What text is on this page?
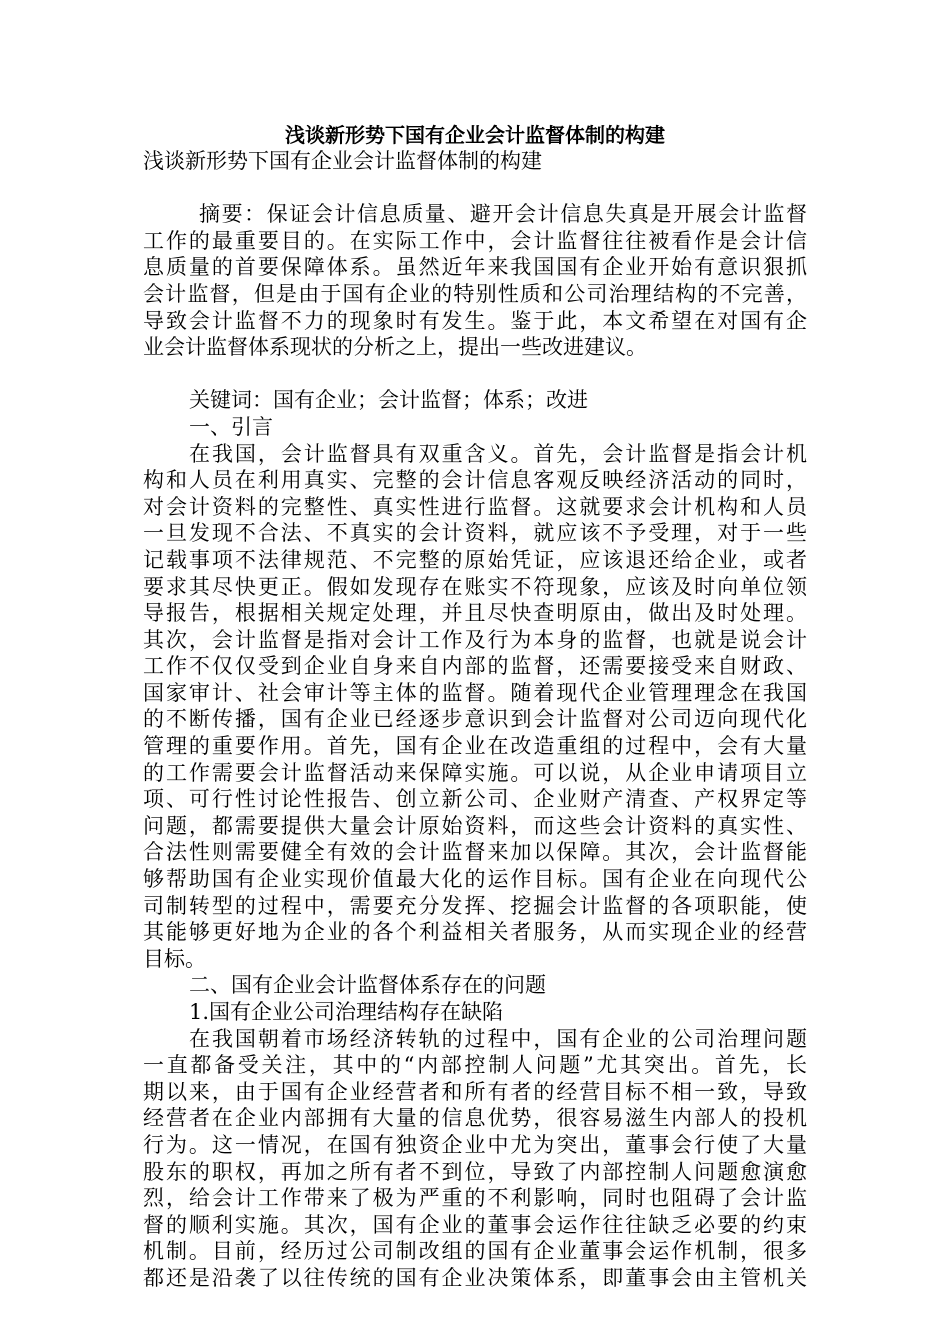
浅谈新形势下国有企业会计监督体制的构建
浅谈新形势下国有企业会计监督体制的构建
摘要：保证会计信息质量、避开会计信息失真是开展会计监督
工作的最重要目的。在实际工作中，会计监督往往被看作是会计信
息质量的首要保障体系。虽然近年来我国国有企业开始有意识狠抓
会计监督，但是由于国有企业的特别性质和公司治理结构的不完善，
导致会计监督不力的现象时有发生。鉴于此，本文希望在对国有企
业会计监督体系现状的分析之上，提出一些改进建议。
关键词：国有企业；会计监督；体系；改进
一、引言
在我国，会计监督具有双重含义。首先，会计监督是指会计机
构和人员在利用真实、完整的会计信息客观反映经济活动的同时，
对会计资料的完整性、真实性进行监督。这就要求会计机构和人员
一旦发现不合法、不真实的会计资料，就应该不予受理，对于一些
记载事项不法律规范、不完整的原始凭证，应该退还给企业，或者
要求其尽快更正。假如发现存在账实不符现象，应该及时向单位领
导报告，根据相关规定处理，并且尽快查明原由，做出及时处理。
其次，会计监督是指对会计工作及行为本身的监督，也就是说会计
工作不仅仅受到企业自身来自内部的监督，还需要接受来自财政、
国家审计、社会审计等主体的监督。随着现代企业管理理念在我国
的不断传播，国有企业已经逐步意识到会计监督对公司迈向现代化
管理的重要作用。首先，国有企业在改造重组的过程中，会有大量
的工作需要会计监督活动来保障实施。可以说，从企业申请项目立
项、可行性讨论性报告、创立新公司、企业财产清查、产权界定等
问题，都需要提供大量会计原始资料，而这些会计资料的真实性、
合法性则需要健全有效的会计监督来加以保障。其次，会计监督能
够帮助国有企业实现价值最大化的运作目标。国有企业在向现代公
司制转型的过程中，需要充分发挥、挖掘会计监督的各项职能，使
其能够更好地为企业的各个利益相关者服务，从而实现企业的经营
目标。
二、国有企业会计监督体系存在的问题
1.国有企业公司治理结构存在缺陷
在我国朝着市场经济转轨的过程中，国有企业的公司治理问题
一直都备受关注，其中的“内部控制人问题”尤其突出。首先，长
期以来，由于国有企业经营者和所有者的经营目标不相一致，导致
经营者在企业内部拥有大量的信息优势，很容易滋生内部人的投机
行为。这一情况，在国有独资企业中尤为突出，董事会行使了大量
股东的职权，再加之所有者不到位，导致了内部控制人问题愈演愈
烈，给会计工作带来了极为严重的不利影响，同时也阻碍了会计监
督的顺利实施。其次，国有企业的董事会运作往往缺乏必要的约束
机制。目前，经历过公司制改组的国有企业董事会运作机制，很多
都还是沿袭了以往传统的国有企业决策体系，即董事会由主管机关
